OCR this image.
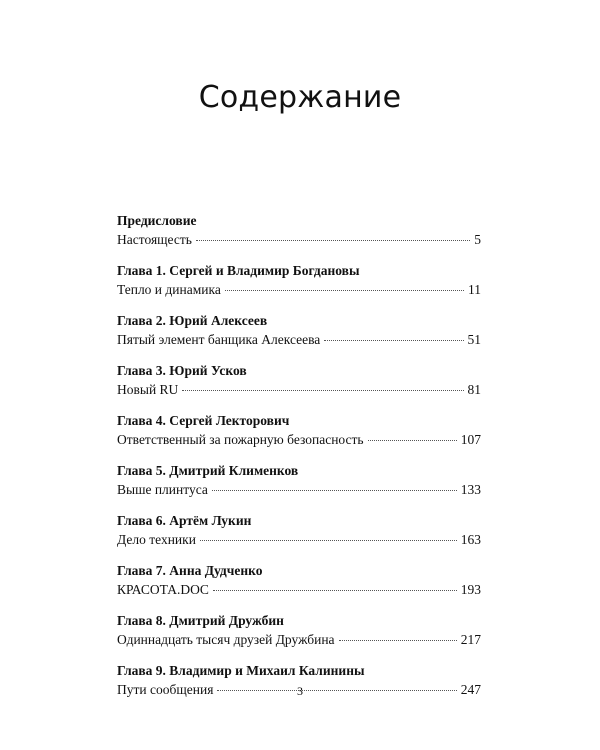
Содержание
Предисловие
Настоящесть	5
Глава 1. Сергей и Владимир Богдановы
Тепло и динамика	11
Глава 2. Юрий Алексеев
Пятый элемент банщика Алексеева	51
Глава 3. Юрий Усков
Новый RU	81
Глава 4. Сергей Лекторович
Ответственный за пожарную безопасность	107
Глава 5. Дмитрий Клименков
Выше плинтуса	133
Глава 6. Артём Лукин
Дело техники	163
Глава 7. Анна Дудченко
КРАСОТА.DOC	193
Глава 8. Дмитрий Дружбин
Одиннадцать тысяч друзей Дружбина	217
Глава 9. Владимир и Михаил Калинины
Пути сообщения	247
3
